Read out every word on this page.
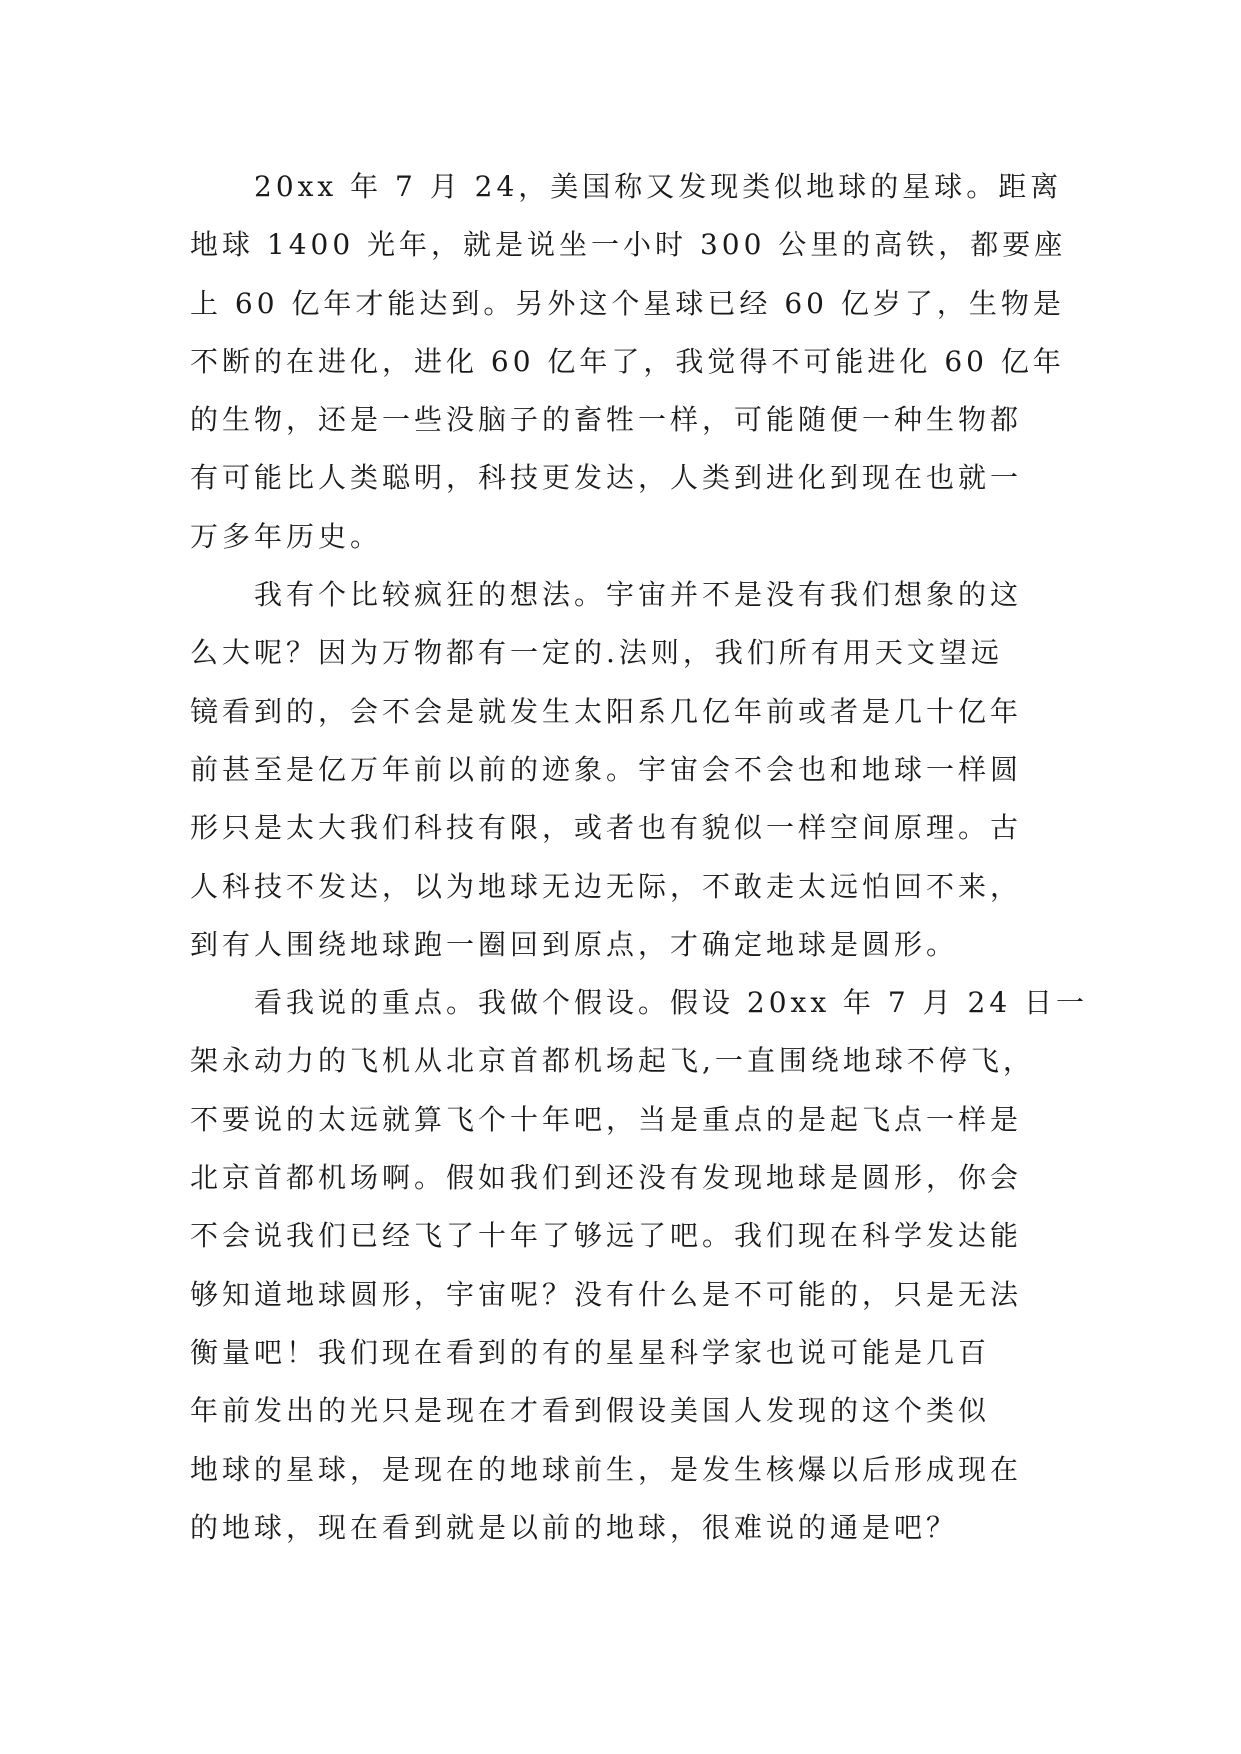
20xx 年 7 月 24，美国称又发现类似地球的星球。距离
地球 1400 光年，就是说坐一小时 300 公里的高铁，都要座
上 60 亿年才能达到。另外这个星球已经 60 亿岁了，生物是
不断的在进化，进化 60 亿年了，我觉得不可能进化 60 亿年
的生物，还是一些没脑子的畜牲一样，可能随便一种生物都
有可能比人类聪明，科技更发达，人类到进化到现在也就一
万多年历史。
我有个比较疯狂的想法。宇宙并不是没有我们想象的这
么大呢？因为万物都有一定的.法则，我们所有用天文望远
镜看到的，会不会是就发生太阳系几亿年前或者是几十亿年
前甚至是亿万年前以前的迹象。宇宙会不会也和地球一样圆
形只是太大我们科技有限，或者也有貌似一样空间原理。古
人科技不发达，以为地球无边无际，不敢走太远怕回不来，
到有人围绕地球跑一圈回到原点，才确定地球是圆形。
看我说的重点。我做个假设。假设 20xx 年 7 月 24 日一
架永动力的飞机从北京首都机场起飞,一直围绕地球不停飞，
不要说的太远就算飞个十年吧，当是重点的是起飞点一样是
北京首都机场啊。假如我们到还没有发现地球是圆形，你会
不会说我们已经飞了十年了够远了吧。我们现在科学发达能
够知道地球圆形，宇宙呢？没有什么是不可能的，只是无法
衡量吧！我们现在看到的有的星星科学家也说可能是几百
年前发出的光只是现在才看到假设美国人发现的这个类似
地球的星球，是现在的地球前生，是发生核爆以后形成现在
的地球，现在看到就是以前的地球，很难说的通是吧？
